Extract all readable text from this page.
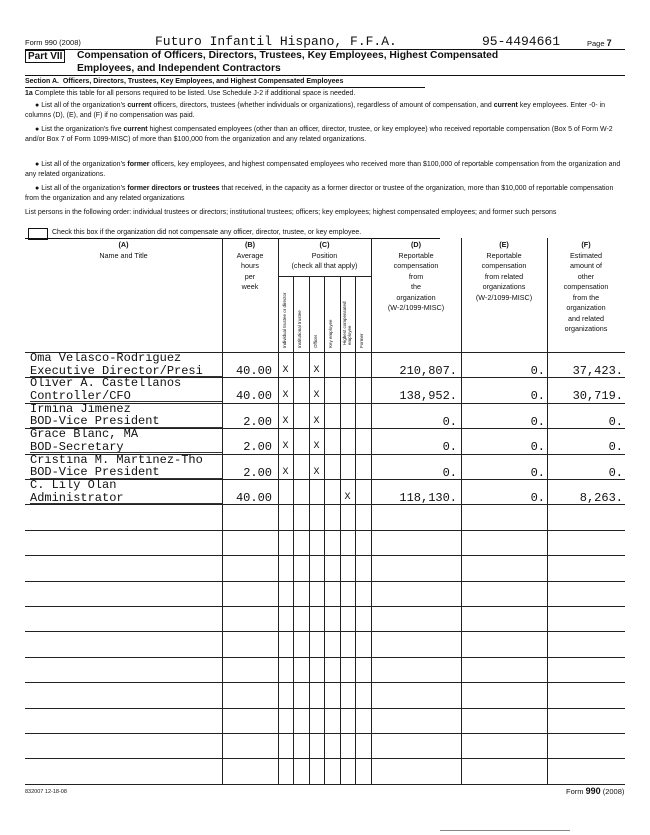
Form 990 (2008)	Futuro Infantil Hispano, F.F.A.	95-4494661	Page 7
Part VII Compensation of Officers, Directors, Trustees, Key Employees, Highest Compensated
Employees, and Independent Contractors
Section A. Officers, Directors, Trustees, Key Employees, and Highest Compensated Employees
1a Complete this table for all persons required to be listed. Use Schedule J-2 if additional space is needed.
● List all of the organization's current officers, directors, trustees (whether individuals or organizations), regardless of amount of compensation, and current key employees. Enter -0- in columns (D), (E), and (F) if no compensation was paid.
● List the organization's five current highest compensated employees (other than an officer, director, trustee, or key employee) who received reportable compensation (Box 5 of Form W-2 and/or Box 7 of Form 1099-MISC) of more than $100,000 from the organization and any related organizations.
● List all of the organization's former officers, key employees, and highest compensated employees who received more than $100,000 of reportable compensation from the organization and any related organizations.
● List all of the organization's former directors or trustees that received, in the capacity as a former director or trustee of the organization, more than $10,000 of reportable compensation from the organization and any related organizations
List persons in the following order: individual trustees or directors; institutional trustees; officers; key employees; highest compensated employees; and former such persons
Check this box if the organization did not compensate any officer, director, trustee, or key employee.
(A)
Name and Title
(B)
Average
hours
per
week
(C)
Position
(check all that apply)
(D)
Reportable
compensation
from
the
organization
(W-2/1099-MISC)
(E)
Reportable
compensation
from related
organizations
(W-2/1099-MISC)
(F)
Estimated
amount of
other
compensation
from the
organization
and related
organizations
Individual trustee or director Institutional trustee Officer Key employee Highest compensated employee Former
Oma Velasco-Rodriguez
Executive Director/Presi	40.00	X	X	210,807.	0.	37,423.
Oliver A. Castellanos
Controller/CFO	40.00	X	X	138,952.	0.	30,719.
Irmina Jimenez
BOD-Vice President	2.00	X	X	0.	0.	0.
Grace Blanc, MA
BOD-Secretary	2.00	X	X	0.	0.	0.
Cristina M. Martinez-Tho
BOD-Vice President	2.00	X	X	0.	0.	0.
C. Lily Olan
Administrator	40.00	X	118,130.	0.	8,263.
832007 12-18-08	Form 990 (2008)
